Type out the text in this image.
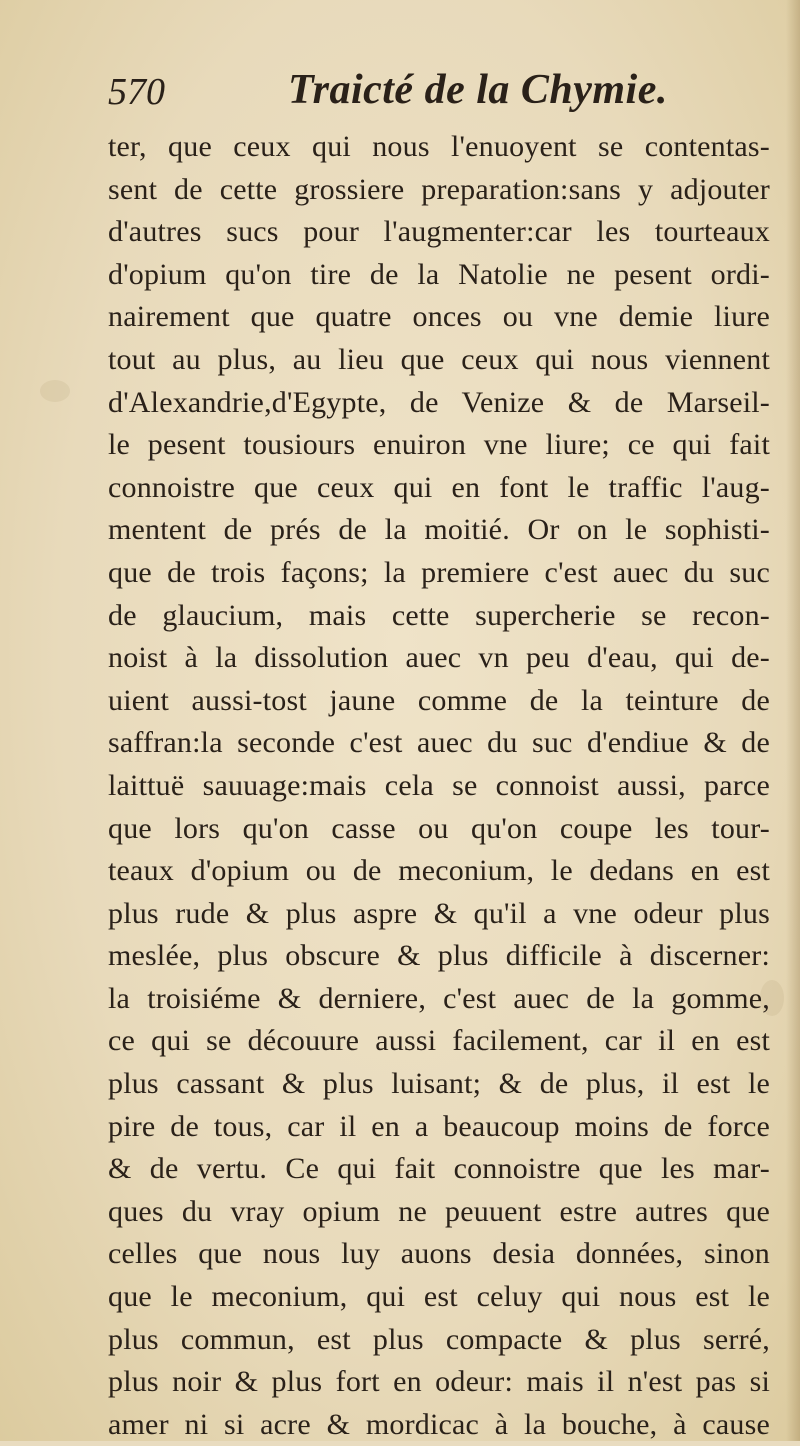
570	Traicté de la Chymie.
ter, que ceux qui nous l'enuoyent se contentas-
sent de cette grossiere preparation:sans y adjouter
d'autres sucs pour l'augmenter:car les tourteaux
d'opium qu'on tire de la Natolie ne pesent ordi-
nairement que quatre onces ou vne demie liure
tout au plus, au lieu que ceux qui nous viennent
d'Alexandrie,d'Egypte, de Venize & de Marseil-
le pesent tousiours enuiron vne liure; ce qui fait
connoistre que ceux qui en font le traffic l'aug-
mentent de prés de la moitié. Or on le sophisti-
que de trois façons; la premiere c'est auec du suc
de glaucium, mais cette supercherie se recon-
noist à la dissolution auec vn peu d'eau, qui de-
uient aussi-tost jaune comme de la teinture de
saffran:la seconde c'est auec du suc d'endiue & de
laittuë sauuage:mais cela se connoist aussi, parce
que lors qu'on casse ou qu'on coupe les tour-
teaux d'opium ou de meconium, le dedans en est
plus rude & plus aspre & qu'il a vne odeur plus
meslée, plus obscure & plus difficile à discerner:
la troisiéme & derniere, c'est auec de la gomme,
ce qui se découure aussi facilement, car il en est
plus cassant & plus luisant; & de plus, il est le
pire de tous, car il en a beaucoup moins de force
& de vertu. Ce qui fait connoistre que les mar-
ques du vray opium ne peuuent estre autres que
celles que nous luy auons desia données, sinon
que le meconium, qui est celuy qui nous est le
plus commun, est plus compacte & plus serré,
plus noir & plus fort en odeur: mais il n'est pas si
amer ni si acre & mordicac à la bouche, à cause
